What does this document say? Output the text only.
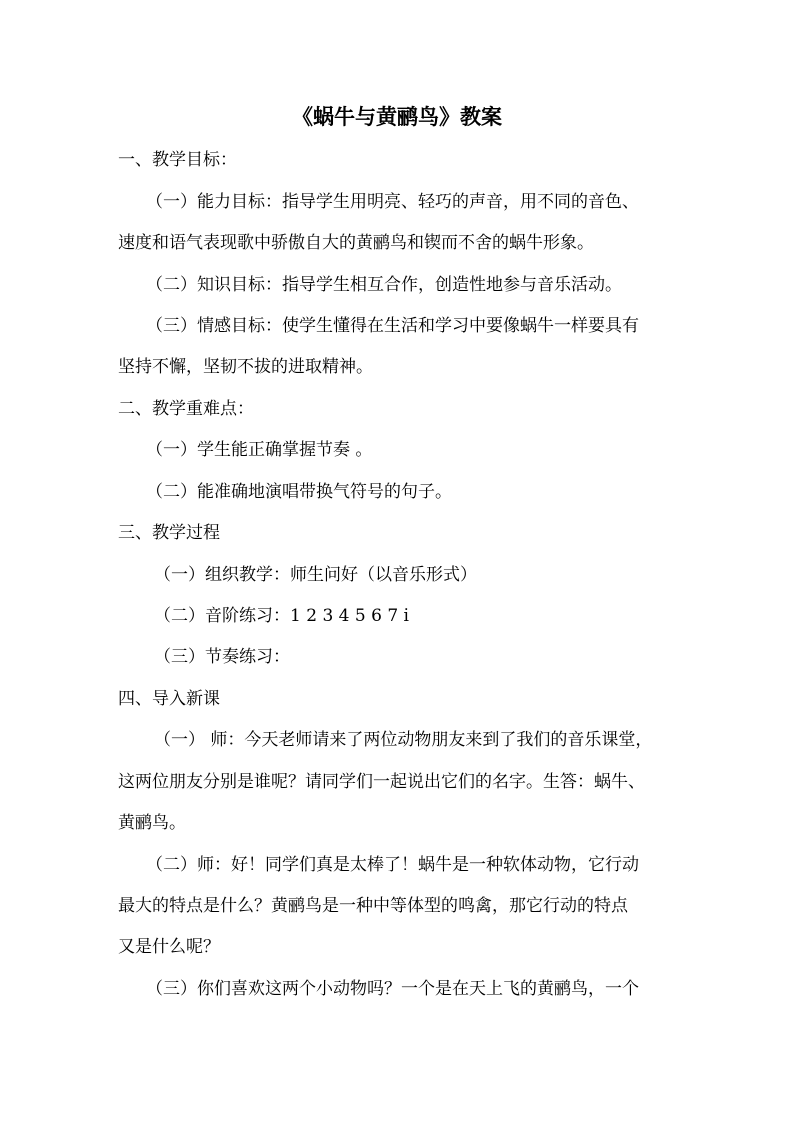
《蜗牛与黄鹂鸟》教案
一、教学目标：
（一）能力目标：指导学生用明亮、轻巧的声音，用不同的音色、
速度和语气表现歌中骄傲自大的黄鹂鸟和锲而不舍的蜗牛形象。
（二）知识目标：指导学生相互合作，创造性地参与音乐活动。
（三）情感目标：使学生懂得在生活和学习中要像蜗牛一样要具有
坚持不懈，坚韧不拔的进取精神。
二、教学重难点：
（一）学生能正确掌握节奏 。
（二）能准确地演唱带换气符号的句子。
三、教学过程
（一）组织教学：师生问好（以音乐形式）
（二）音阶练习：1 2 3 4 5 6 7 i̇
（三）节奏练习：
四、导入新课
（一） 师：今天老师请来了两位动物朋友来到了我们的音乐课堂，
这两位朋友分别是谁呢？请同学们一起说出它们的名字。生答：蜗牛、
黄鹂鸟。
（二）师：好！同学们真是太棒了！蜗牛是一种软体动物，它行动
最大的特点是什么？黄鹂鸟是一种中等体型的鸣禽，那它行动的特点
又是什么呢？
（三）你们喜欢这两个小动物吗？一个是在天上飞的黄鹂鸟，一个
